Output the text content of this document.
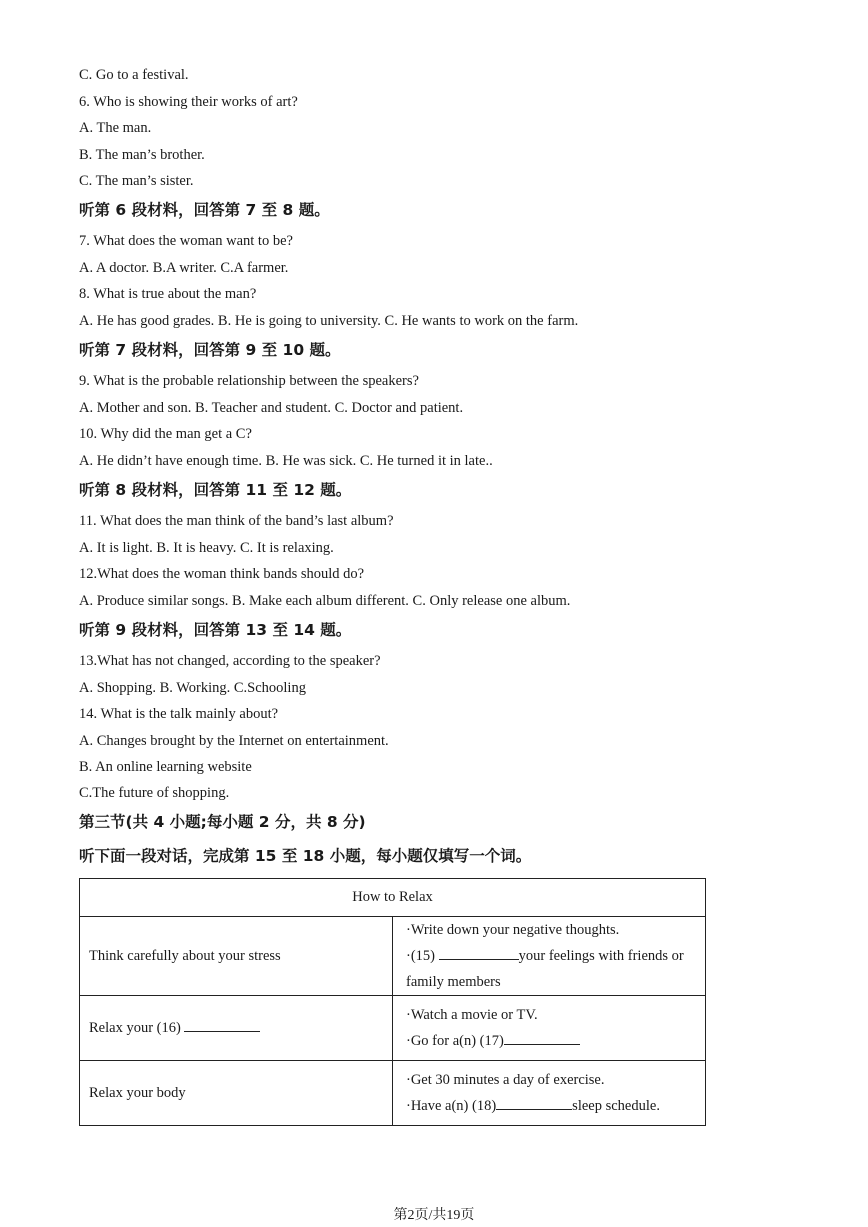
C. Go to a festival.
6. Who is showing their works of art?
A. The man.
B. The man’s brother.
C. The man’s sister.
听第 6 段材料，回答第 7 至 8 题。
7. What does the woman want to be?
A. A doctor. B.A writer. C.A farmer.
8. What is true about the man?
A. He has good grades. B. He is going to university. C. He wants to work on the farm.
听第 7 段材料，回答第 9 至 10 题。
9. What is the probable relationship between the speakers?
A. Mother and son. B. Teacher and student. C. Doctor and patient.
10. Why did the man get a C?
A. He didn’t have enough time. B. He was sick. C. He turned it in late..
听第 8 段材料，回答第 11 至 12 题。
11. What does the man think of the band’s last album?
A. It is light. B. It is heavy. C. It is relaxing.
12.What does the woman think bands should do?
A. Produce similar songs. B. Make each album different. C. Only release one album.
听第 9 段材料，回答第 13 至 14 题。
13.What has not changed, according to the speaker?
A. Shopping. B. Working. C.Schooling
14. What is the talk mainly about?
A. Changes brought by the Internet on entertainment.
B. An online learning website
C.The future of shopping.
第三节(共 4 小题;每小题 2 分，共 8 分)
听下面一段对话，完成第 15 至 18 小题，每小题仅填写一个词。
How to Relax	
Think carefully about your stress	·Write down your negative thoughts.
·(15) your feelings with friends or family members

Relax your (16)	·Watch a movie or TV.
·Go for a(n) (17)

Relax your body	·Get 30 minutes a day of exercise.
·Have a(n) (18) sleep schedule.
第2页/共19页
